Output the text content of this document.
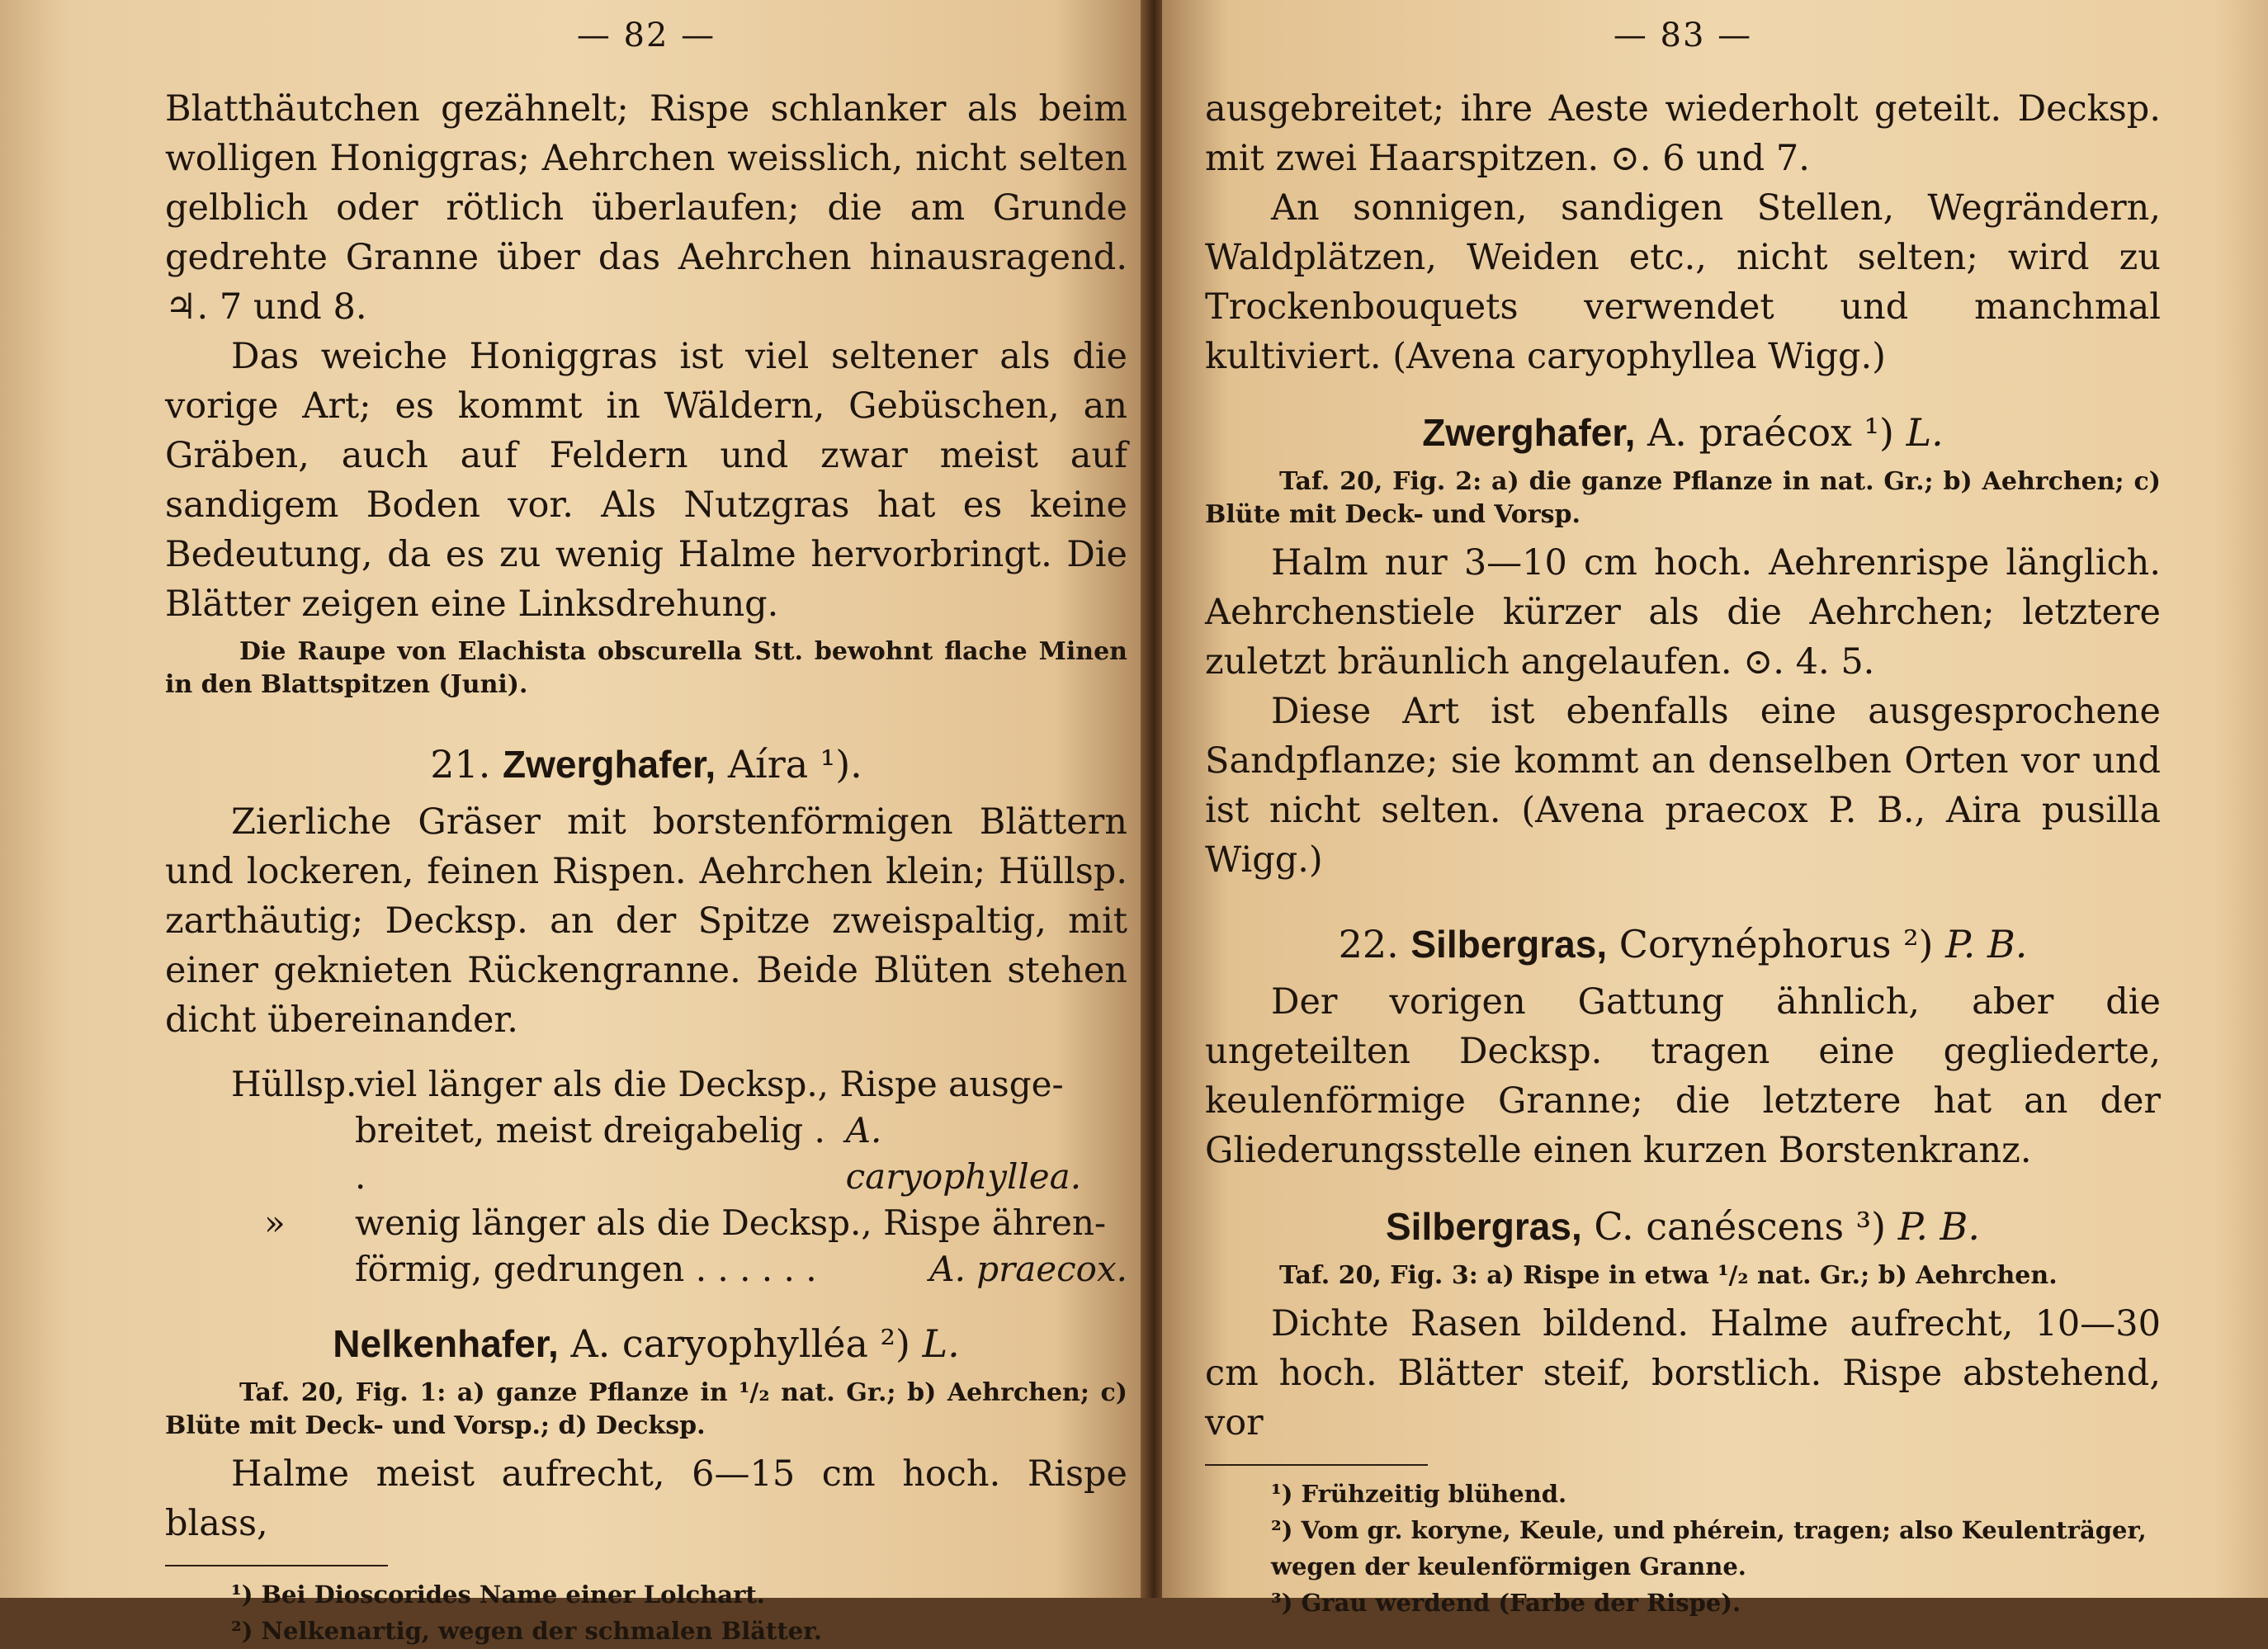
— 82 —

Blatthäutchen gezähnelt; Rispe schlanker als beim wolligen Honiggras; Aehrchen weisslich, nicht selten gelblich oder rötlich überlaufen; die am Grunde gedrehte Granne über das Aehrchen hinausragend. ♃. 7 und 8.

Das weiche Honiggras ist viel seltener als die vorige Art; es kommt in Wäldern, Gebüschen, an Gräben, auch auf Feldern und zwar meist auf sandigem Boden vor. Als Nutzgras hat es keine Bedeutung, da es zu wenig Halme hervorbringt. Die Blätter zeigen eine Linksdrehung.

Die Raupe von Elachista obscurella Stt. bewohnt flache Minen in den Blattspitzen (Juni).

21. Zwerghafer, Aíra ¹).

Zierliche Gräser mit borstenförmigen Blättern und lockeren, feinen Rispen. Aehrchen klein; Hüllsp. zarthäutig; Decksp. an der Spitze zweispaltig, mit einer geknieten Rückengranne. Beide Blüten stehen dicht übereinander.

Hüllsp.
viel länger als die Decksp., Rispe ausge-
breitet, meist dreigabelig . .
A. caryophyllea.
»	wenig länger als die Decksp., Rispe ähren-
förmig, gedrungen . . . . . .	A. praecox.
Nelkenhafer, A. caryophylléa ²) L.

Taf. 20, Fig. 1: a) ganze Pflanze in ¹/₂ nat. Gr.; b) Aehrchen; c) Blüte mit Deck- und Vorsp.; d) Decksp.

Halme meist aufrecht, 6—15 cm hoch. Rispe blass,

¹) Bei Dioscorides Name einer Lolchart.
²) Nelkenartig, wegen der schmalen Blätter.
— 83 —

ausgebreitet; ihre Aeste wiederholt geteilt. Decksp. mit zwei Haarspitzen. ⊙. 6 und 7.

An sonnigen, sandigen Stellen, Wegrändern, Waldplätzen, Weiden etc., nicht selten; wird zu Trockenbouquets verwendet und manchmal kultiviert. (Avena caryophyllea Wigg.)

Zwerghafer, A. praécox ¹) L.

Taf. 20, Fig. 2: a) die ganze Pflanze in nat. Gr.; b) Aehrchen; c) Blüte mit Deck- und Vorsp.

Halm nur 3—10 cm hoch. Aehrenrispe länglich. Aehrchenstiele kürzer als die Aehrchen; letztere zuletzt bräunlich angelaufen. ⊙. 4. 5.

Diese Art ist ebenfalls eine ausgesprochene Sandpflanze; sie kommt an denselben Orten vor und ist nicht selten. (Avena praecox P. B., Aira pusilla Wigg.)

22. Silbergras, Corynéphorus ²) P. B.

Der vorigen Gattung ähnlich, aber die ungeteilten Decksp. tragen eine gegliederte, keulenförmige Granne; die letztere hat an der Gliederungsstelle einen kurzen Borstenkranz.

Silbergras, C. canéscens ³) P. B.

Taf. 20, Fig. 3: a) Rispe in etwa ¹/₂ nat. Gr.; b) Aehrchen.

Dichte Rasen bildend. Halme aufrecht, 10—30 cm hoch. Blätter steif, borstlich. Rispe abstehend, vor

¹) Frühzeitig blühend.
²) Vom gr. koryne, Keule, und phérein, tragen; also Keulenträger, wegen der keulenförmigen Granne.
³) Grau werdend (Farbe der Rispe).
